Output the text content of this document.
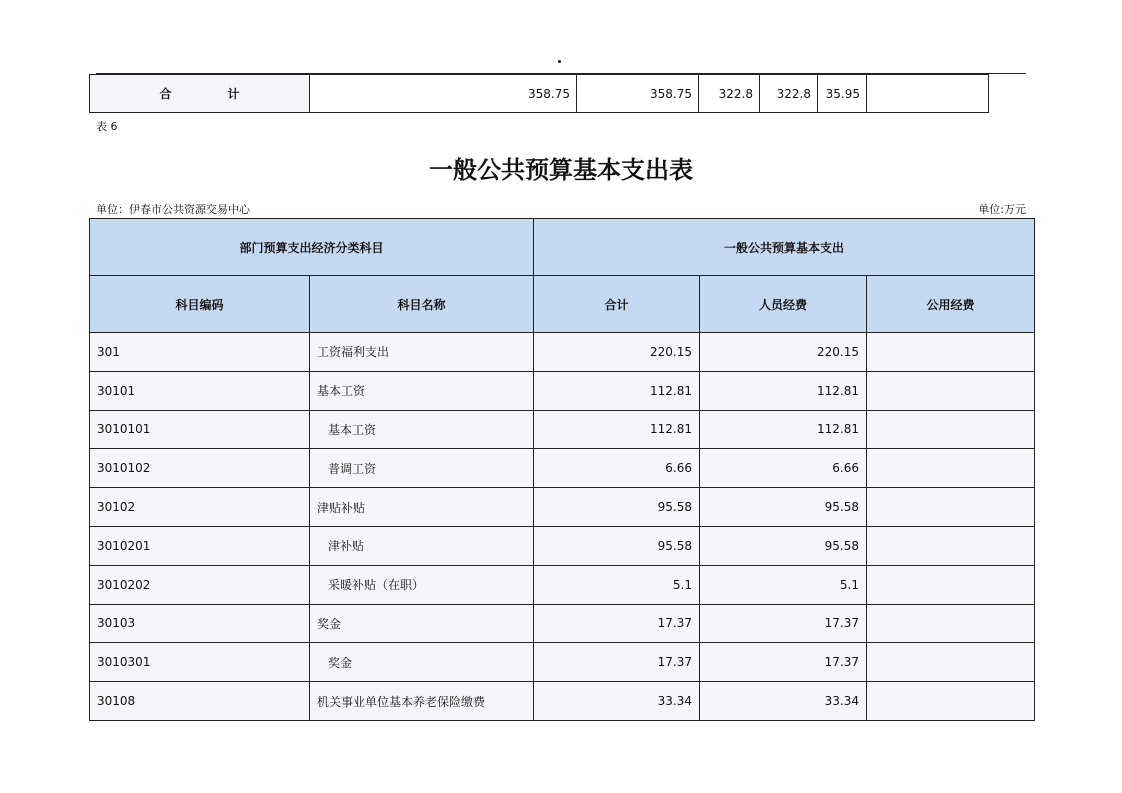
合	计	358.75	358.75	322.8	322.8	35.95	
表 6
一般公共预算基本支出表
单位：伊春市公共资源交易中心	单位:万元
部门预算支出经济分类科目		一般公共预算基本支出		
科目编码	科目名称	合计	人员经费	公用经费
301	工资福利支出	220.15	220.15	
30101	基本工资	112.81	112.81	
3010101	基本工资	112.81	112.81	
3010102	普调工资	6.66	6.66	
30102	津贴补贴	95.58	95.58	
3010201	津补贴	95.58	95.58	
3010202	采暖补贴（在职）	5.1	5.1	
30103	奖金	17.37	17.37	
3010301	奖金	17.37	17.37	
30108	机关事业单位基本养老保险缴费	33.34	33.34	
